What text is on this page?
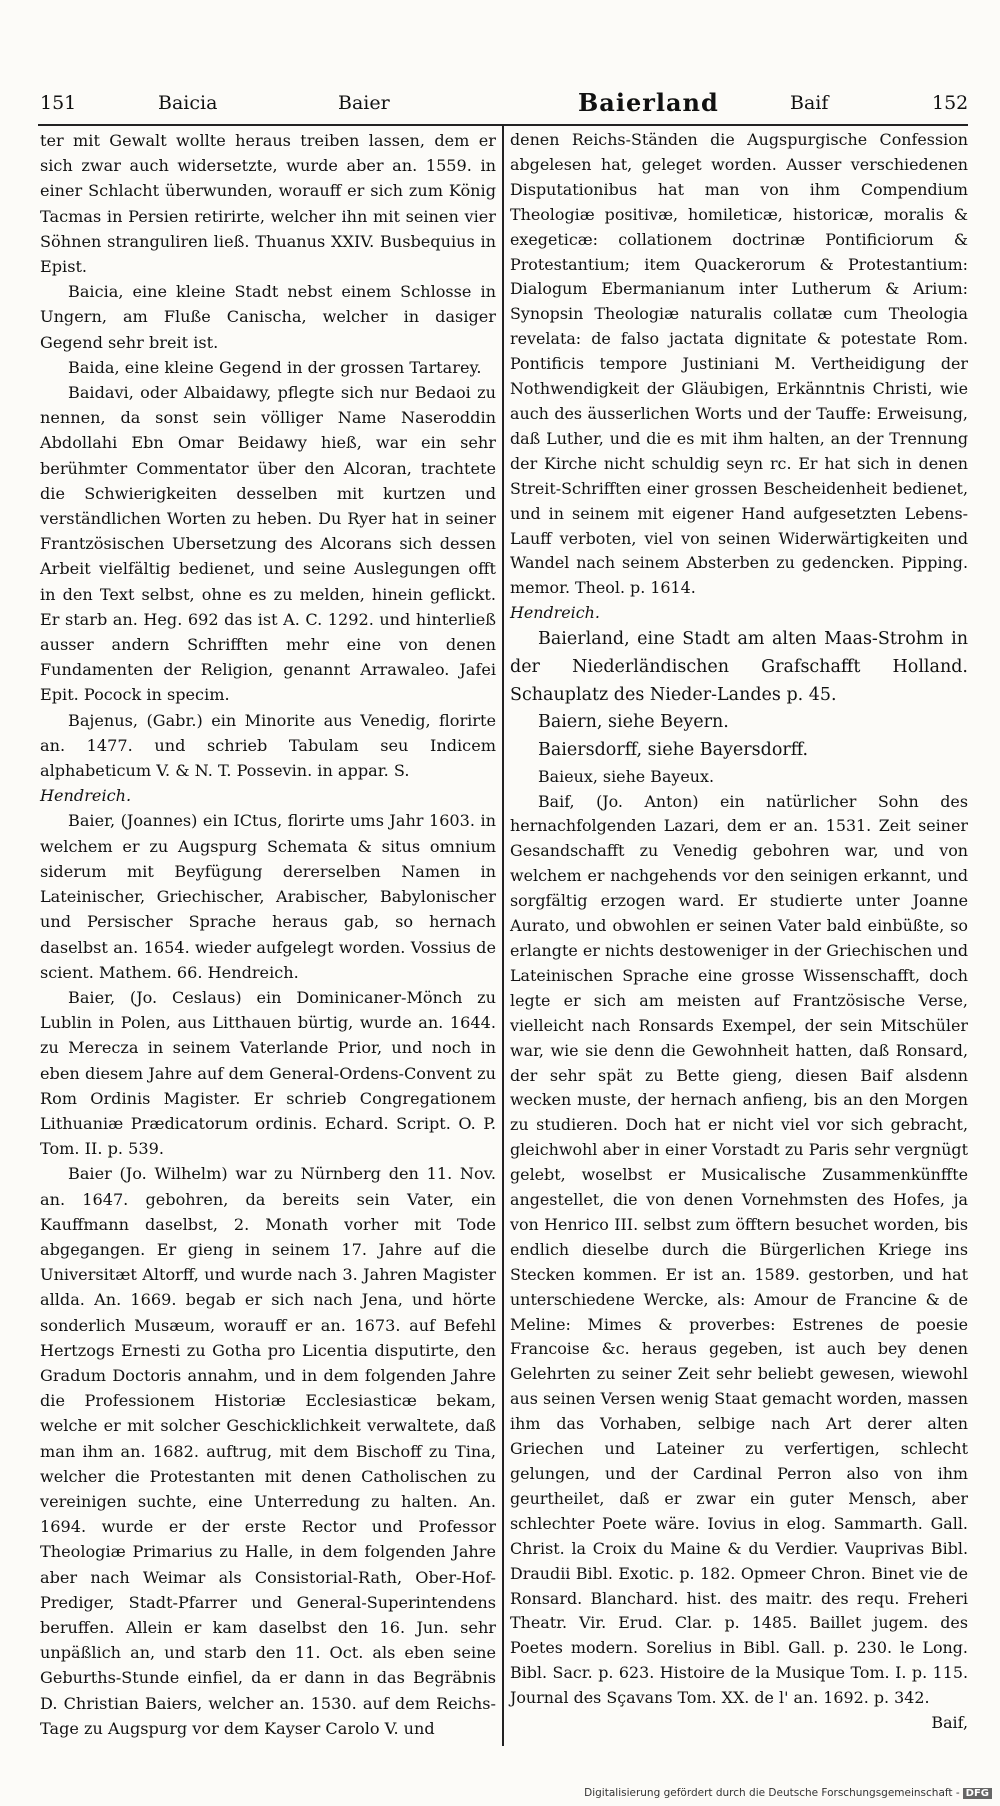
151	Baicia	Baier	Baierland	Baif	152

ter mit Gewalt wollte heraus treiben lassen, dem er sich zwar auch widersetzte, wurde aber an. 1559. in einer Schlacht überwunden, worauff er sich zum König Tacmas in Persien retirirte, welcher ihn mit seinen vier Söhnen stranguliren ließ. Thuanus XXIV. Busbequius in Epist.

Baicia, eine kleine Stadt nebst einem Schlosse in Ungern, am Fluße Canischa, welcher in dasiger Gegend sehr breit ist.

Baida, eine kleine Gegend in der grossen Tartarey.

Baidavi, oder Albaidawy, pflegte sich nur Bedaoi zu nennen, da sonst sein völliger Name Naseroddin Abdollahi Ebn Omar Beidawy hieß, war ein sehr berühmter Commentator über den Alcoran, trachtete die Schwierigkeiten desselben mit kurtzen und verständlichen Worten zu heben. Du Ryer hat in seiner Frantzösischen Ubersetzung des Alcorans sich dessen Arbeit vielfältig bedienet, und seine Auslegungen offt in den Text selbst, ohne es zu melden, hinein geflickt. Er starb an. Heg. 692 das ist A. C. 1292. und hinterließ ausser andern Schrifften mehr eine von denen Fundamenten der Religion, genannt Arrawaleo. Jafei Epit. Pocock in specim.

Bajenus, (Gabr.) ein Minorite aus Venedig, florirte an. 1477. und schrieb Tabulam seu Indicem alphabeticum V. & N. T. Possevin. in appar. S.

Hendreich.

Baier, (Joannes) ein ICtus, florirte ums Jahr 1603. in welchem er zu Augspurg Schemata & situs omnium siderum mit Beyfügung dererselben Namen in Lateinischer, Griechischer, Arabischer, Babylonischer und Persischer Sprache heraus gab, so hernach daselbst an. 1654. wieder aufgelegt worden. Vossius de scient. Mathem. 66. Hendreich.

Baier, (Jo. Ceslaus) ein Dominicaner-Mönch zu Lublin in Polen, aus Litthauen bürtig, wurde an. 1644. zu Merecza in seinem Vaterlande Prior, und noch in eben diesem Jahre auf dem General-Ordens-Convent zu Rom Ordinis Magister. Er schrieb Congregationem Lithuaniæ Prædicatorum ordinis. Echard. Script. O. P. Tom. II. p. 539.

Baier (Jo. Wilhelm) war zu Nürnberg den 11. Nov. an. 1647. gebohren, da bereits sein Vater, ein Kauffmann daselbst, 2. Monath vorher mit Tode abgegangen. Er gieng in seinem 17. Jahre auf die Universitæt Altorff, und wurde nach 3. Jahren Magister allda. An. 1669. begab er sich nach Jena, und hörte sonderlich Musæum, worauff er an. 1673. auf Befehl Hertzogs Ernesti zu Gotha pro Licentia disputirte, den Gradum Doctoris annahm, und in dem folgenden Jahre die Professionem Historiæ Ecclesiasticæ bekam, welche er mit solcher Geschicklichkeit verwaltete, daß man ihm an. 1682. auftrug, mit dem Bischoff zu Tina, welcher die Protestanten mit denen Catholischen zu vereinigen suchte, eine Unterredung zu halten. An. 1694. wurde er der erste Rector und Professor Theologiæ Primarius zu Halle, in dem folgenden Jahre aber nach Weimar als Consistorial-Rath, Ober-Hof-Prediger, Stadt-Pfarrer und General-Superintendens beruffen. Allein er kam daselbst den 16. Jun. sehr unpäßlich an, und starb den 11. Oct. als eben seine Geburths-Stunde einfiel, da er dann in das Begräbnis D. Christian Baiers, welcher an. 1530. auf dem Reichs-Tage zu Augspurg vor dem Kayser Carolo V. und

denen Reichs-Ständen die Augspurgische Confession abgelesen hat, geleget worden. Ausser verschiedenen Disputationibus hat man von ihm Compendium Theologiæ positivæ, homileticæ, historicæ, moralis & exegeticæ: collationem doctrinæ Pontificiorum & Protestantium; item Quackerorum & Protestantium: Dialogum Ebermanianum inter Lutherum & Arium: Synopsin Theologiæ naturalis collatæ cum Theologia revelata: de falso jactata dignitate & potestate Rom. Pontificis tempore Justiniani M. Vertheidigung der Nothwendigkeit der Gläubigen, Erkänntnis Christi, wie auch des äusserlichen Worts und der Tauffe: Erweisung, daß Luther, und die es mit ihm halten, an der Trennung der Kirche nicht schuldig seyn rc. Er hat sich in denen Streit-Schrifften einer grossen Bescheidenheit bedienet, und in seinem mit eigener Hand aufgesetzten Lebens-Lauff verboten, viel von seinen Widerwärtigkeiten und Wandel nach seinem Absterben zu gedencken. Pipping. memor. Theol. p. 1614.

Hendreich.

Baierland, eine Stadt am alten Maas-Strohm in der Niederländischen Grafschafft Holland. Schauplatz des Nieder-Landes p. 45.

Baiern, siehe Beyern.

Baiersdorff, siehe Bayersdorff.

Baieux, siehe Bayeux.

Baif, (Jo. Anton) ein natürlicher Sohn des hernachfolgenden Lazari, dem er an. 1531. Zeit seiner Gesandschafft zu Venedig gebohren war, und von welchem er nachgehends vor den seinigen erkannt, und sorgfältig erzogen ward. Er studierte unter Joanne Aurato, und obwohlen er seinen Vater bald einbüßte, so erlangte er nichts destoweniger in der Griechischen und Lateinischen Sprache eine grosse Wissenschafft, doch legte er sich am meisten auf Frantzösische Verse, vielleicht nach Ronsards Exempel, der sein Mitschüler war, wie sie denn die Gewohnheit hatten, daß Ronsard, der sehr spät zu Bette gieng, diesen Baif alsdenn wecken muste, der hernach anfieng, bis an den Morgen zu studieren. Doch hat er nicht viel vor sich gebracht, gleichwohl aber in einer Vorstadt zu Paris sehr vergnügt gelebt, woselbst er Musicalische Zusammenkünffte angestellet, die von denen Vornehmsten des Hofes, ja von Henrico III. selbst zum öfftern besuchet worden, bis endlich dieselbe durch die Bürgerlichen Kriege ins Stecken kommen. Er ist an. 1589. gestorben, und hat unterschiedene Wercke, als: Amour de Francine & de Meline: Mimes & proverbes: Estrenes de poesie Francoise &c. heraus gegeben, ist auch bey denen Gelehrten zu seiner Zeit sehr beliebt gewesen, wiewohl aus seinen Versen wenig Staat gemacht worden, massen ihm das Vorhaben, selbige nach Art derer alten Griechen und Lateiner zu verfertigen, schlecht gelungen, und der Cardinal Perron also von ihm geurtheilet, daß er zwar ein guter Mensch, aber schlechter Poete wäre. Iovius in elog. Sammarth. Gall. Christ. la Croix du Maine & du Verdier. Vauprivas Bibl. Draudii Bibl. Exotic. p. 182. Opmeer Chron. Binet vie de Ronsard. Blanchard. hist. des maitr. des requ. Freheri Theatr. Vir. Erud. Clar. p. 1485. Baillet jugem. des Poetes modern. Sorelius in Bibl. Gall. p. 230. le Long. Bibl. Sacr. p. 623. Histoire de la Musique Tom. I. p. 115. Journal des Sçavans Tom. XX. de l' an. 1692. p. 342.

Baif,

Digitalisierung gefördert durch die Deutsche Forschungsgemeinschaft - DFG
